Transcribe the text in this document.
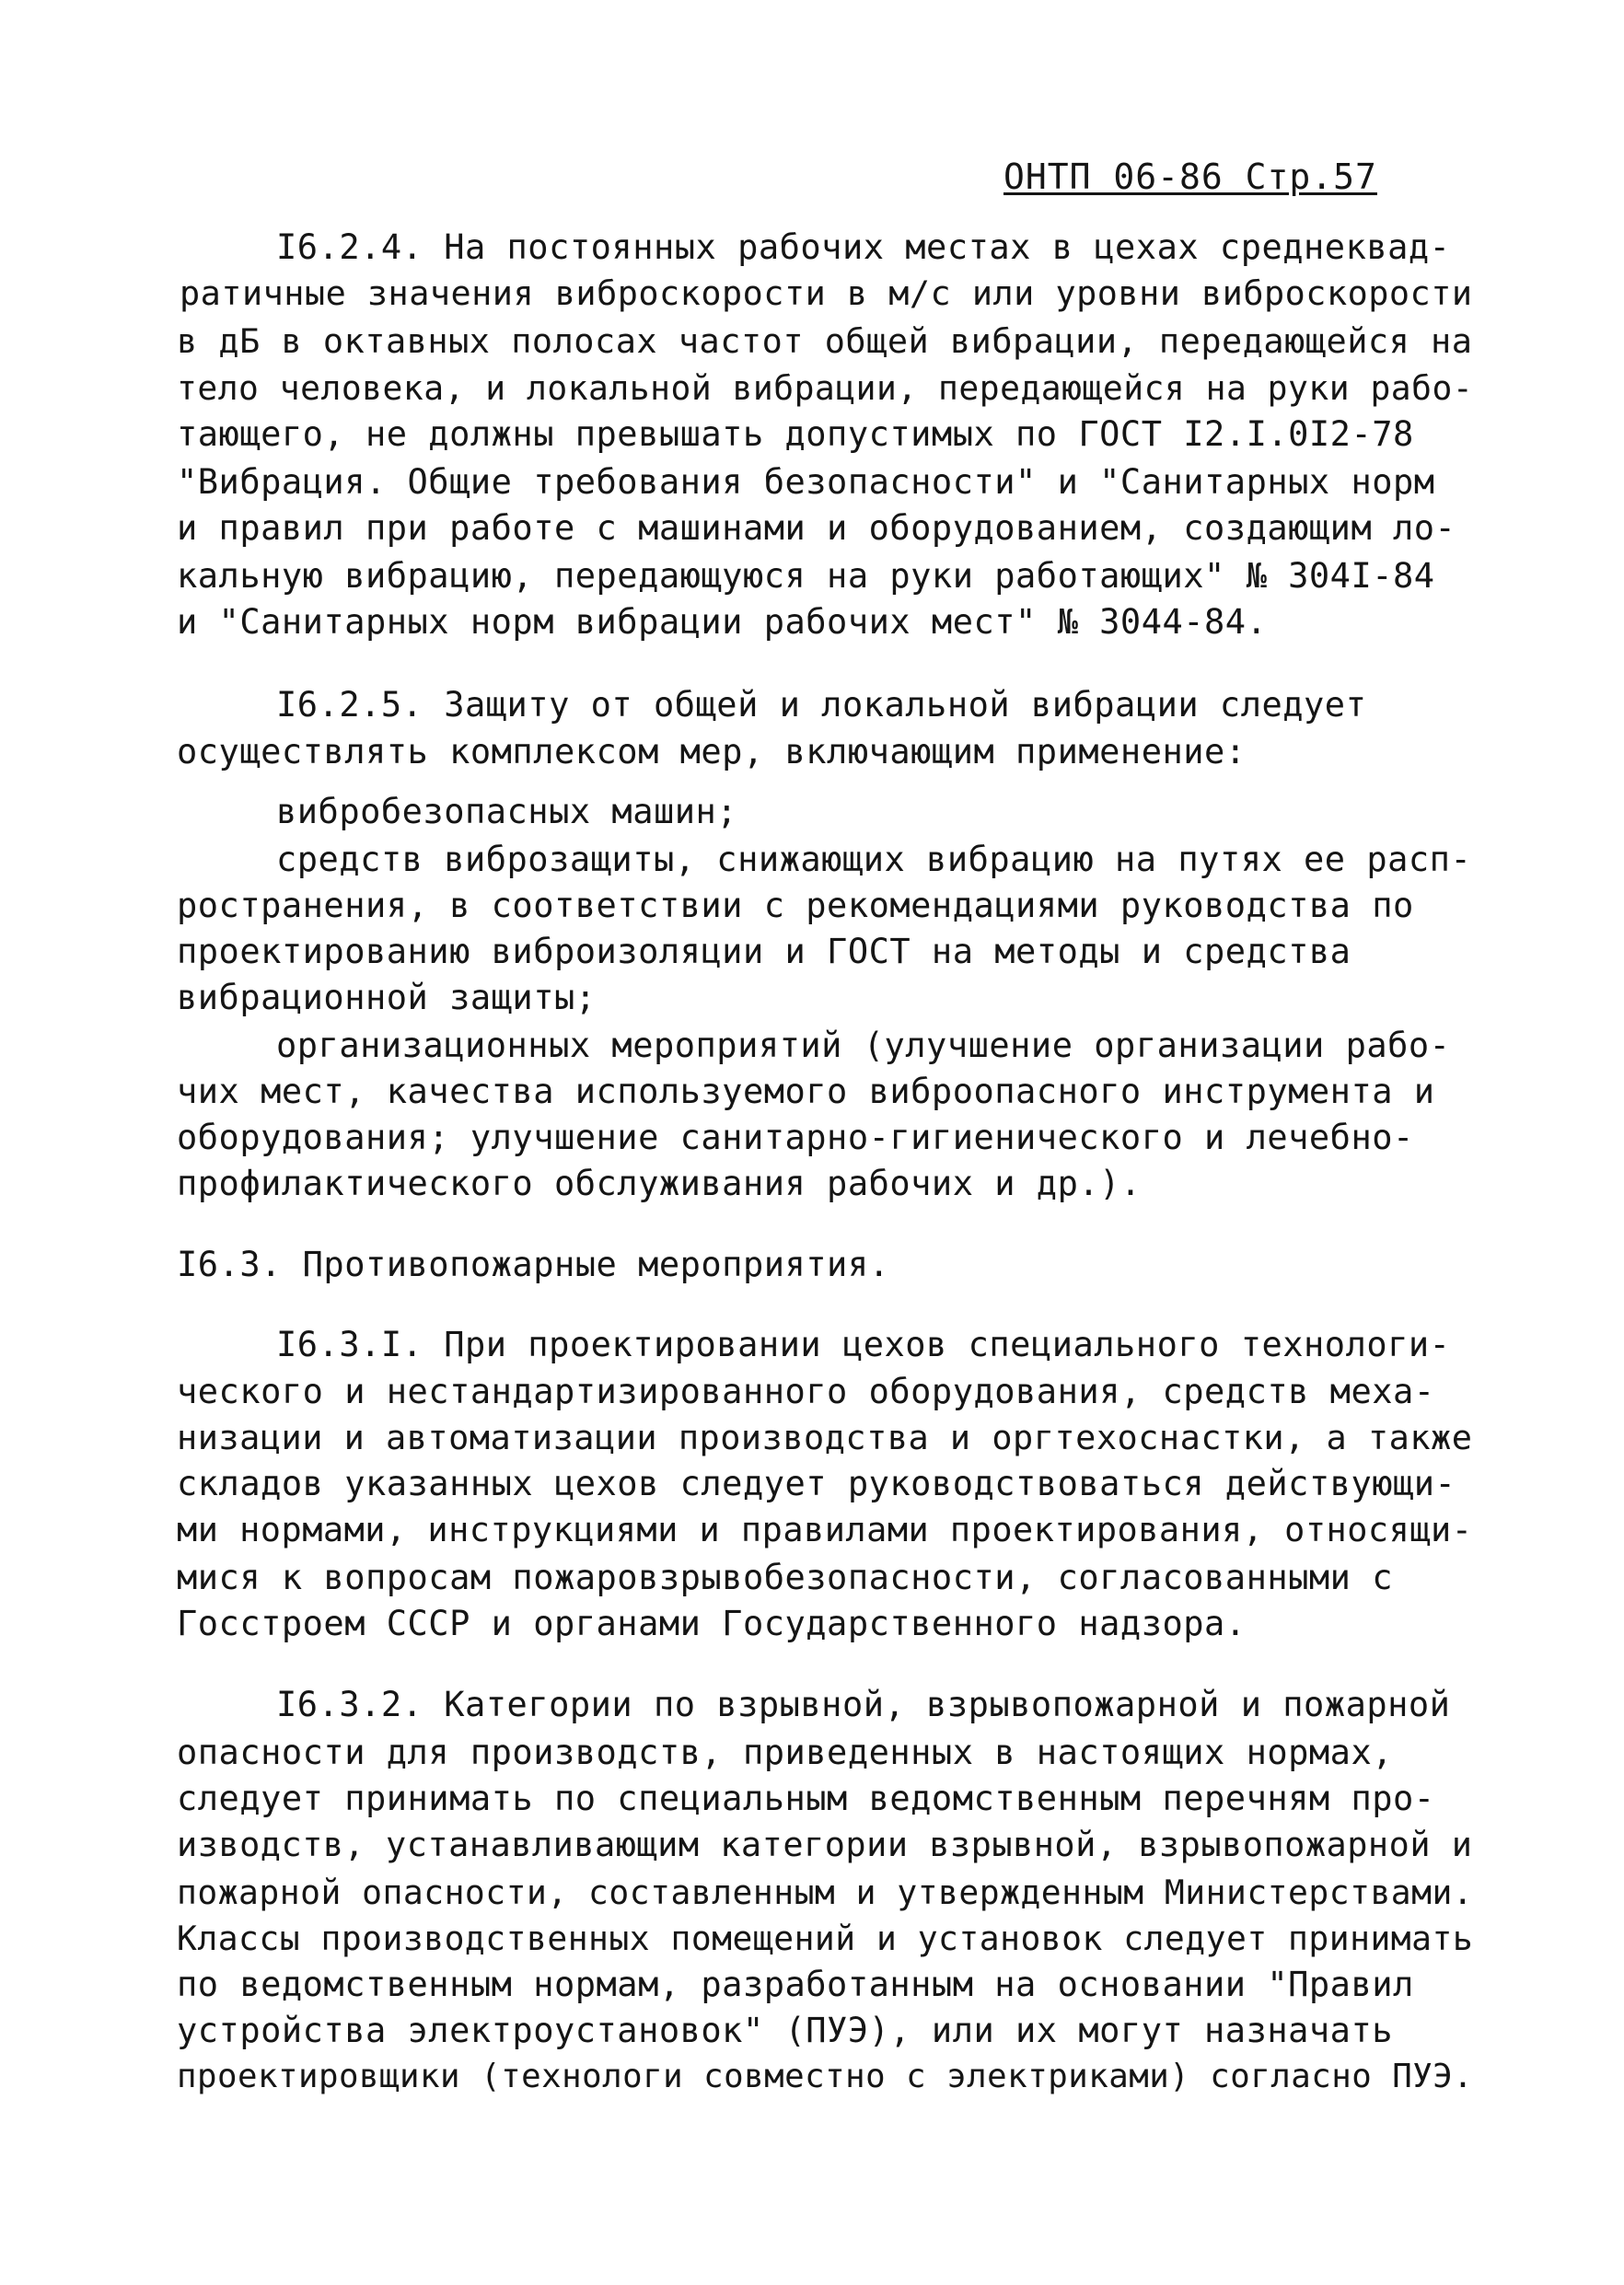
ОНТП 06-86 Стр.57
I6.2.4. На постоянных рабочих местах в цехах среднеквад-
ратичные значения виброскорости в м/с или уровни виброскорости
в дБ в октавных полосах частот общей вибрации, передающейся на
тело человека, и локальной вибрации, передающейся на руки рабо-
тающего, не должны превышать допустимых по ГОСТ I2.I.0I2-78
"Вибрация. Общие требования безопасности" и "Санитарных норм
и правил при работе с машинами и оборудованием, создающим ло-
кальную вибрацию, передающуюся на руки работающих" № 304I-84
и "Санитарных норм вибрации рабочих мест" № 3044-84.
I6.2.5. Защиту от общей и локальной вибрации следует
осуществлять комплексом мер, включающим применение:
вибробезопасных машин;
средств виброзащиты, снижающих вибрацию на путях ее расп-
ространения, в соответствии с рекомендациями руководства по
проектированию виброизоляции и ГОСТ на методы и средства
вибрационной защиты;
организационных мероприятий (улучшение организации рабо-
чих мест, качества используемого виброопасного инструмента и
оборудования; улучшение санитарно-гигиенического и лечебно-
профилактического обслуживания рабочих и др.).
I6.3. Противопожарные мероприятия.
I6.3.I. При проектировании цехов специального технологи-
ческого и нестандартизированного оборудования, средств меха-
низации и автоматизации производства и оргтехоснастки, а также
складов указанных цехов следует руководствоваться действующи-
ми нормами, инструкциями и правилами проектирования, относящи-
мися к вопросам пожаровзрывобезопасности, согласованными с
Госстроем СССР и органами Государственного надзора.
I6.3.2. Категории по взрывной, взрывопожарной и пожарной
опасности для производств, приведенных в настоящих нормах,
следует принимать по специальным ведомственным перечням про-
изводств, устанавливающим категории взрывной, взрывопожарной и
пожарной опасности, составленным и утвержденным Министерствами.
Классы производственных помещений и установок следует принимать
по ведомственным нормам, разработанным на основании "Правил
устройства электроустановок" (ПУЭ), или их могут назначать
проектировщики (технологи совместно с электриками) согласно ПУЭ.
